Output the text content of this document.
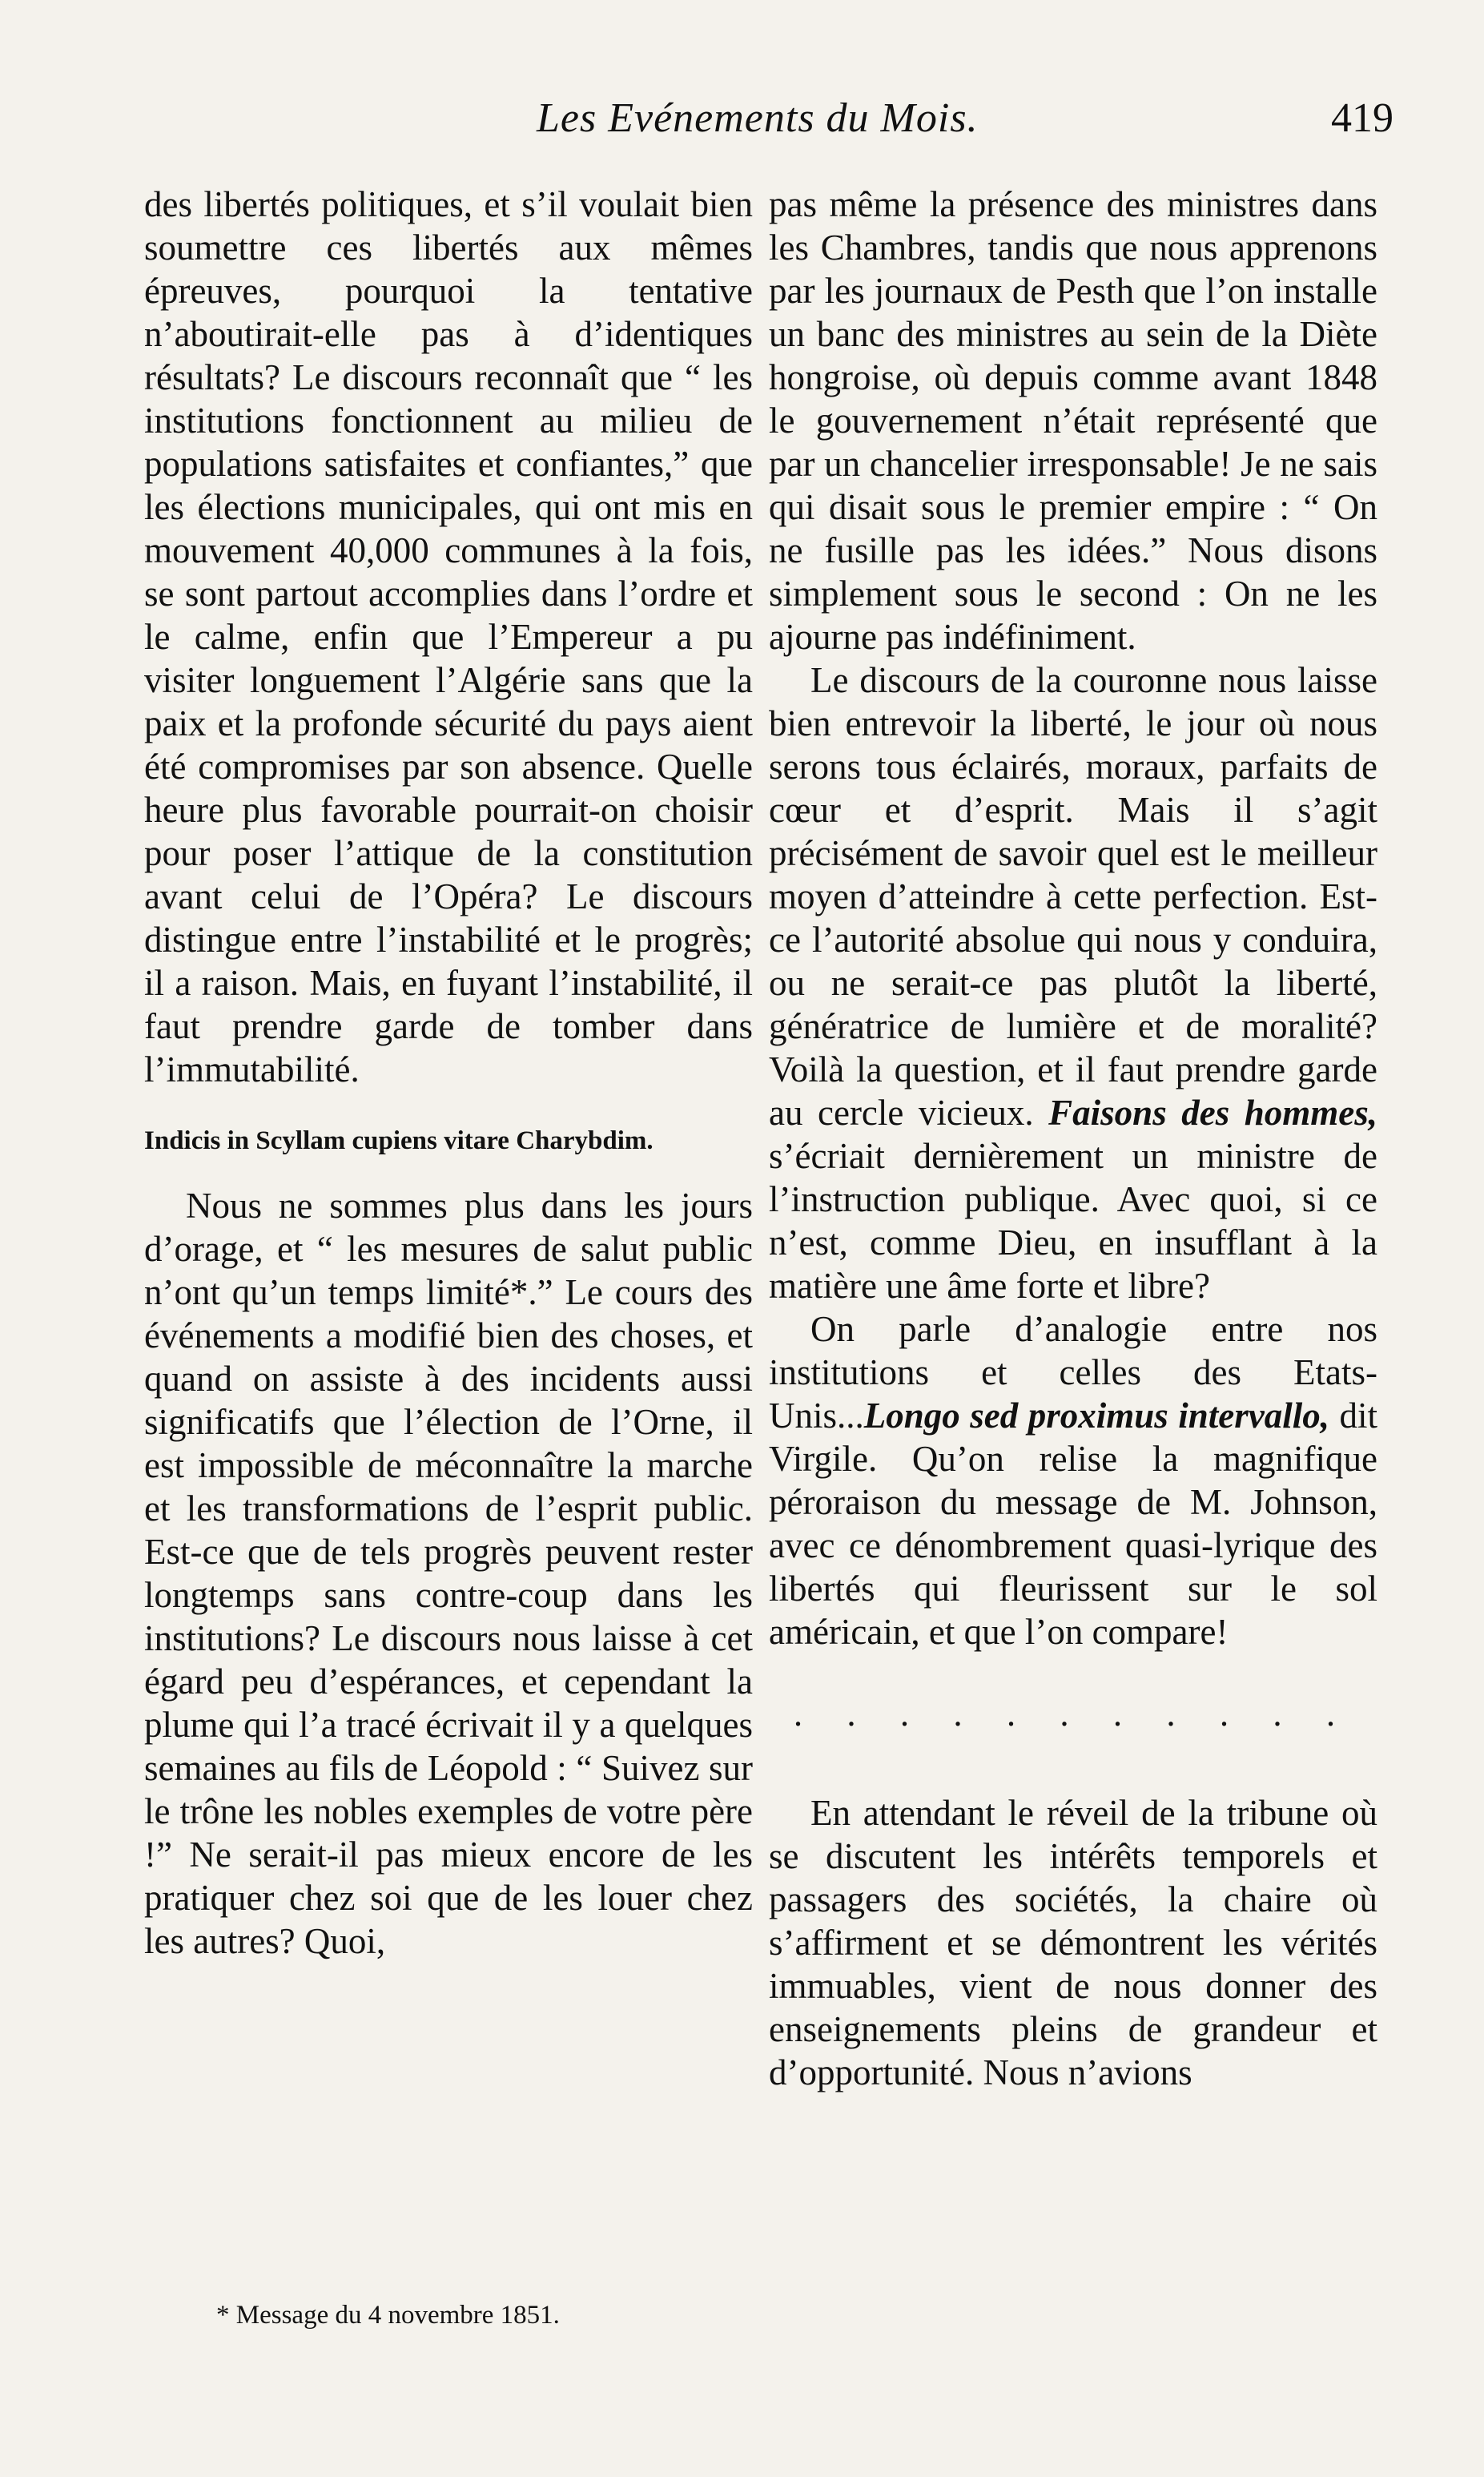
Les Evénements du Mois.	419

des libertés politiques, et s’il voulait bien soumettre ces libertés aux mêmes épreuves, pourquoi la tentative n’aboutirait-elle pas à d’identiques résultats? Le discours reconnaît que “ les institutions fonctionnent au milieu de populations satisfaites et confiantes,” que les élections municipales, qui ont mis en mouvement 40,000 communes à la fois, se sont partout accomplies dans l’ordre et le calme, enfin que l’Empereur a pu visiter longuement l’Algérie sans que la paix et la profonde sécurité du pays aient été compromises par son absence. Quelle heure plus favorable pourrait-on choisir pour poser l’attique de la constitution avant celui de l’Opéra? Le discours distingue entre l’instabilité et le progrès; il a raison. Mais, en fuyant l’instabilité, il faut prendre garde de tomber dans l’immutabilité.

Indicis in Scyllam cupiens vitare Charybdim.

Nous ne sommes plus dans les jours d’orage, et “ les mesures de salut public n’ont qu’un temps limité*.” Le cours des événements a modifié bien des choses, et quand on assiste à des incidents aussi significatifs que l’élection de l’Orne, il est impossible de méconnaître la marche et les transformations de l’esprit public. Est-ce que de tels progrès peuvent rester longtemps sans contre-coup dans les institutions? Le discours nous laisse à cet égard peu d’espérances, et cependant la plume qui l’a tracé écrivait il y a quelques semaines au fils de Léopold : “ Suivez sur le trône les nobles exemples de votre père !” Ne serait-il pas mieux encore de les pratiquer chez soi que de les louer chez les autres? Quoi,

pas même la présence des ministres dans les Chambres, tandis que nous apprenons par les journaux de Pesth que l’on installe un banc des ministres au sein de la Diète hongroise, où depuis comme avant 1848 le gouvernement n’était représenté que par un chancelier irresponsable! Je ne sais qui disait sous le premier empire : “ On ne fusille pas les idées.” Nous disons simplement sous le second : On ne les ajourne pas indéfiniment.

Le discours de la couronne nous laisse bien entrevoir la liberté, le jour où nous serons tous éclairés, moraux, parfaits de cœur et d’esprit. Mais il s’agit précisément de savoir quel est le meilleur moyen d’atteindre à cette perfection. Est-ce l’autorité absolue qui nous y conduira, ou ne serait-ce pas plutôt la liberté, génératrice de lumière et de moralité? Voilà la question, et il faut prendre garde au cercle vicieux. Faisons des hommes, s’écriait dernièrement un ministre de l’instruction publique. Avec quoi, si ce n’est, comme Dieu, en insufflant à la matière une âme forte et libre?

On parle d’analogie entre nos institutions et celles des Etats-Unis...Longo sed proximus intervallo, dit Virgile. Qu’on relise la magnifique péroraison du message de M. Johnson, avec ce dénombrement quasi-lyrique des libertés qui fleurissent sur le sol américain, et que l’on compare!

. . . . . . . . . . .

En attendant le réveil de la tribune où se discutent les intérêts temporels et passagers des sociétés, la chaire où s’affirment et se démontrent les vérités immuables, vient de nous donner des enseignements pleins de grandeur et d’opportunité. Nous n’avions

* Message du 4 novembre 1851.
